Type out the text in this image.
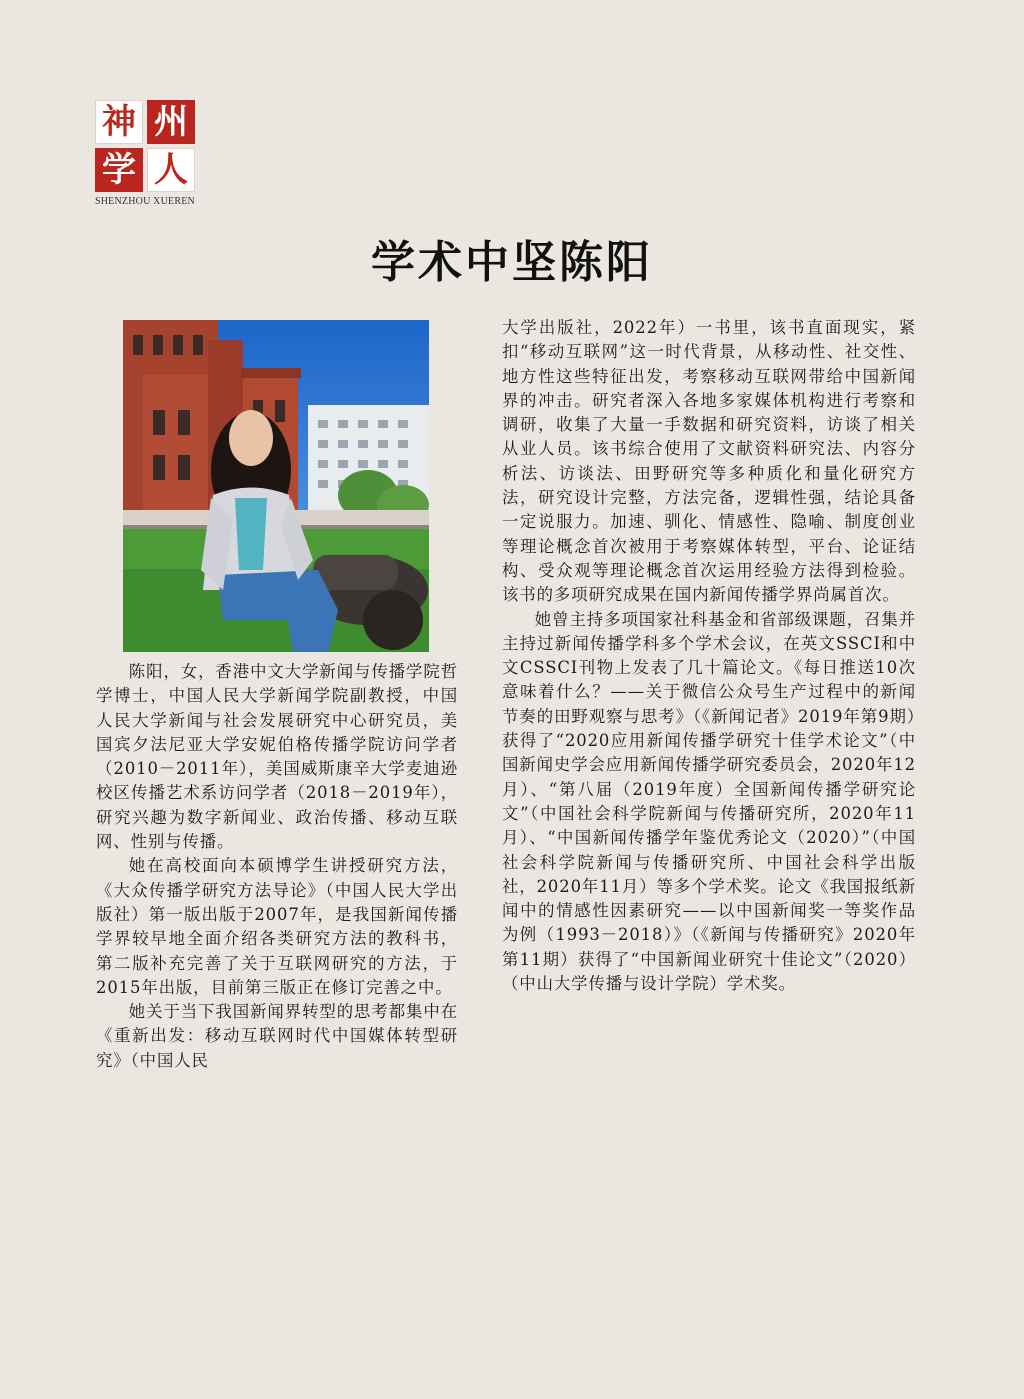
神 州
学 人
SHENZHOU XUEREN
学术中坚陈阳

陈阳，女，香港中文大学新闻与传播学院哲学博士，中国人民大学新闻学院副教授，中国人民大学新闻与社会发展研究中心研究员，美国宾夕法尼亚大学安妮伯格传播学院访问学者（2010－2011年），美国威斯康辛大学麦迪逊校区传播艺术系访问学者（2018－2019年），研究兴趣为数字新闻业、政治传播、移动互联网、性别与传播。

她在高校面向本硕博学生讲授研究方法，《大众传播学研究方法导论》（中国人民大学出版社）第一版出版于2007年，是我国新闻传播学界较早地全面介绍各类研究方法的教科书，第二版补充完善了关于互联网研究的方法，于2015年出版，目前第三版正在修订完善之中。

她关于当下我国新闻界转型的思考都集中在《重新出发：移动互联网时代中国媒体转型研究》（中国人民

大学出版社，2022年）一书里，该书直面现实，紧扣“移动互联网”这一时代背景，从移动性、社交性、地方性这些特征出发，考察移动互联网带给中国新闻界的冲击。研究者深入各地多家媒体机构进行考察和调研，收集了大量一手数据和研究资料，访谈了相关从业人员。该书综合使用了文献资料研究法、内容分析法、访谈法、田野研究等多种质化和量化研究方法，研究设计完整，方法完备，逻辑性强，结论具备一定说服力。加速、驯化、情感性、隐喻、制度创业等理论概念首次被用于考察媒体转型，平台、论证结构、受众观等理论概念首次运用经验方法得到检验。该书的多项研究成果在国内新闻传播学界尚属首次。

她曾主持多项国家社科基金和省部级课题，召集并主持过新闻传播学科多个学术会议，在英文SSCI和中文CSSCI刊物上发表了几十篇论文。《每日推送10次意味着什么？——关于微信公众号生产过程中的新闻节奏的田野观察与思考》（《新闻记者》2019年第9期）获得了“2020应用新闻传播学研究十佳学术论文”（中国新闻史学会应用新闻传播学研究委员会，2020年12月）、“第八届（2019年度）全国新闻传播学研究论文”（中国社会科学院新闻与传播研究所，2020年11月）、“中国新闻传播学年鉴优秀论文（2020）”（中国社会科学院新闻与传播研究所、中国社会科学出版社，2020年11月）等多个学术奖。论文《我国报纸新闻中的情感性因素研究——以中国新闻奖一等奖作品为例（1993－2018）》（《新闻与传播研究》2020年第11期）获得了“中国新闻业研究十佳论文”（2020）（中山大学传播与设计学院）学术奖。
